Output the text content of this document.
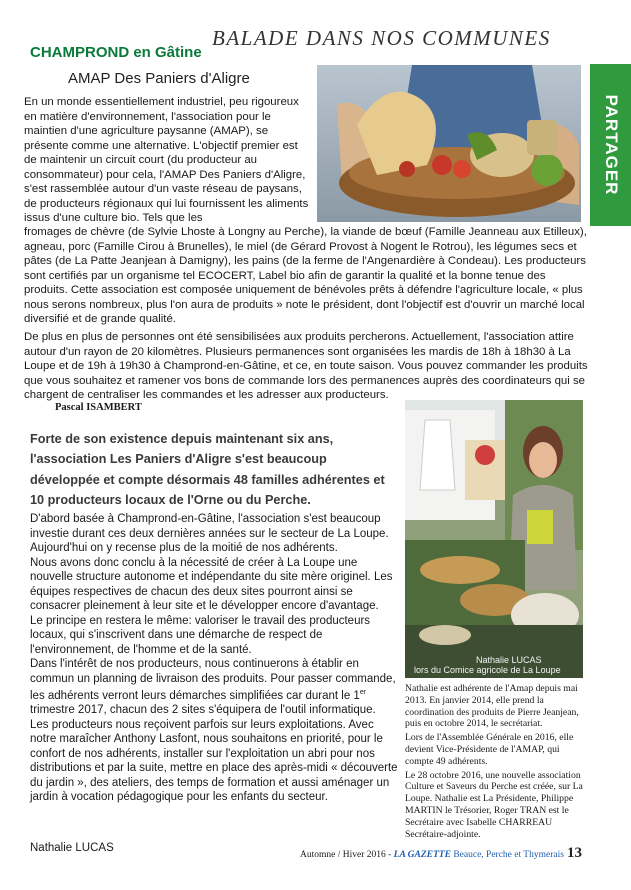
BALADE DANS NOS COMMUNES
CHAMPROND en Gâtine
AMAP Des Paniers d'Aligre
PARTAGER
En un monde essentiellement industriel, peu rigoureux en matière d'environnement, l'association pour le maintien d'une agriculture paysanne (AMAP), se présente comme une alternative. L'objectif premier est de maintenir un circuit court (du producteur au consommateur) pour cela, l'AMAP Des Paniers d'Aligre, s'est rassemblée autour d'un vaste réseau de paysans, de producteurs régionaux qui lui fournissent les aliments issus d'une culture bio. Tels que les
fromages de chèvre (de Sylvie Lhoste à Longny au Perche), la viande de bœuf (Famille Jeanneau aux Etilleux), agneau, porc (Famille Cirou à Brunelles), le miel (de Gérard Provost à Nogent le Rotrou), les légumes secs et pâtes (de La Patte Jeanjean à Damigny), les pains (de la ferme de l'Angenardière à Condeau). Les producteurs sont certifiés par un organisme tel ECOCERT, Label bio afin de garantir la qualité et la bonne tenue des produits. Cette association est composée uniquement de bénévoles prêts à défendre l'agriculture locale, « plus nous serons nombreux, plus l'on aura de produits » note le président, dont l'objectif est d'ouvrir un marché local diversifié et de grande qualité.
De plus en plus de personnes ont été sensibilisées aux produits percherons. Actuellement, l'association attire autour d'un rayon de 20 kilomètres. Plusieurs permanences sont organisées les mardis de 18h à 18h30 à La Loupe et de 19h à 19h30 à Champrond-en-Gâtine, et ce, en toute saison. Vous pouvez commander les produits que vous souhaitez et ramener vos bons de commande lors des permanences auprès des coordinateurs qui se chargent de centraliser les commandes et les adresser aux producteurs.
Pascal ISAMBERT
Forte de son existence depuis maintenant six ans, l'association Les Paniers d'Aligre s'est beaucoup développée et compte désormais 48 familles adhérentes et 10 producteurs locaux de l'Orne ou du Perche.

D'abord basée à Champrond-en-Gâtine, l'association s'est beaucoup investie durant ces deux dernières années sur le secteur de La Loupe. Aujourd'hui on y recense plus de la moitié de nos adhérents.

Nous avons donc conclu à la nécessité de créer à La Loupe une nouvelle structure autonome et indépendante du site mère originel. Les équipes respectives de chacun des deux sites pourront ainsi se consacrer pleinement à leur site et le développer encore d'avantage.

Le principe en restera le même: valoriser le travail des producteurs locaux, qui s'inscrivent dans une démarche de respect de l'environnement, de l'homme et de la santé.

Dans l'intérêt de nos producteurs, nous continuerons à établir en commun un planning de livraison des produits. Pour passer commande, les adhérents verront leurs démarches simplifiées car durant le 1er trimestre 2017, chacun des 2 sites s'équipera de l'outil informatique.

Les producteurs nous reçoivent parfois sur leurs exploitations. Avec notre maraîcher Anthony Lasfont, nous souhaitons en priorité, pour le confort de nos adhérents, installer sur l'exploitation un abri pour nos distributions et par la suite, mettre en place des après-midi « découverte du jardin », des ateliers, des temps de formation et aussi aménager un jardin à vocation pédagogique pour les enfants du secteur.

Nathalie LUCAS
Nathalie LUCAS
lors du Comice agricole de La Loupe

Nathalie est adhérente de l'Amap depuis mai 2013. En janvier 2014, elle prend la coordination des produits de Pierre Jeanjean, puis en octobre 2014, le secrétariat.

Lors de l'Assemblée Générale en 2016, elle devient Vice-Présidente de l'AMAP, qui compte 49 adhérents.

Le 28 octobre 2016, une nouvelle association Culture et Saveurs du Perche est créée, sur La Loupe. Nathalie est La Présidente, Philippe MARTIN le Trésorier, Roger TRAN est le Secrétaire avec Isabelle CHARREAU Secrétaire-adjointe.

Automne / Hiver 2016 - LA GAZETTE Beauce, Perche et Thymerais 13
